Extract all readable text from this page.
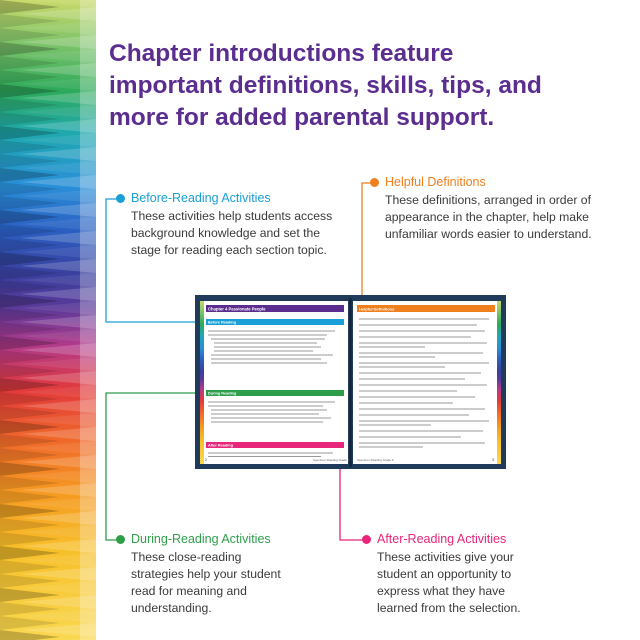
Chapter introductions feature
important definitions, skills, tips, and
more for added parental support.
Before-Reading Activities
These activities help students access
background knowledge and set the
stage for reading each section topic.
Helpful Definitions
These definitions, arranged in order of
appearance in the chapter, help make
unfamiliar words easier to understand.
During-Reading Activities
These close-reading
strategies help your student
read for meaning and
understanding.
After-Reading Activities
These activities give your
student an opportunity to
express what they have
learned from the selection.
Chapter 4 Passionate People
Before Reading
During Reading
After Reading
Helpful Definitions
2	Spectrum Reading Grade 5 Spectrum Reading Grade 5	3
